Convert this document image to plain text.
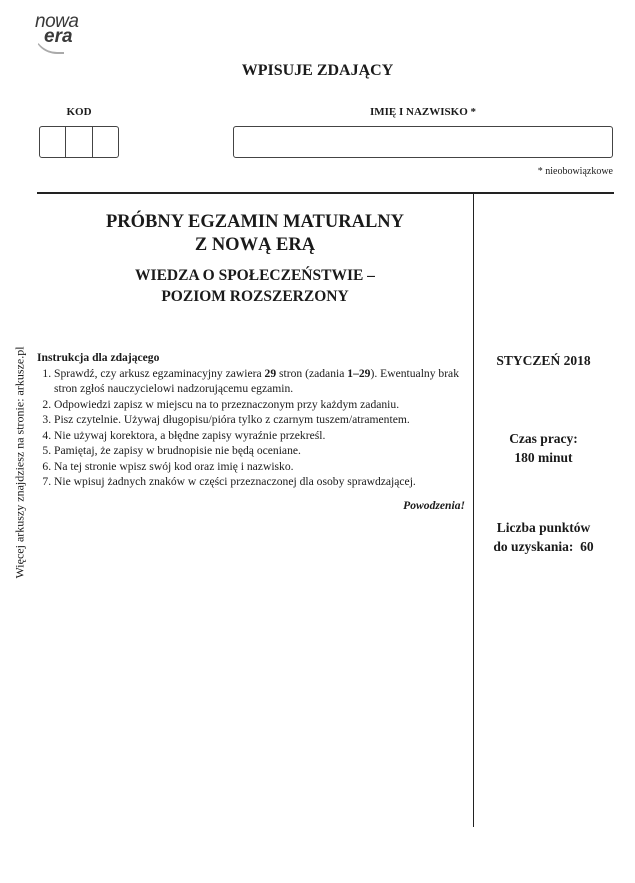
nowa
era
WPISUJE ZDAJĄCY
KOD	IMIĘ I NAZWISKO *
* nieobowiązkowe
Więcej arkuszy znajdziesz na stronie: arkusze.pl
PRÓBNY EGZAMIN MATURALNY
Z NOWĄ ERĄ
WIEDZA O SPOŁECZEŃSTWIE –
POZIOM ROZSZERZONY
Instrukcja dla zdającego
1. Sprawdź, czy arkusz egzaminacyjny zawiera 29 stron (zadania 1–29). Ewentualny brak stron zgłoś nauczycielowi nadzorującemu egzamin.
2. Odpowiedzi zapisz w miejscu na to przeznaczonym przy każdym zadaniu.
3. Pisz czytelnie. Używaj długopisu/pióra tylko z czarnym tuszem/atramentem.
4. Nie używaj korektora, a błędne zapisy wyraźnie przekreśl.
5. Pamiętaj, że zapisy w brudnopisie nie będą oceniane.
6. Na tej stronie wpisz swój kod oraz imię i nazwisko.
7. Nie wpisuj żadnych znaków w części przeznaczonej dla osoby sprawdzającej.
Powodzenia!
STYCZEŃ 2018
Czas pracy:
180 minut
Liczba punktów
do uzyskania:  60
